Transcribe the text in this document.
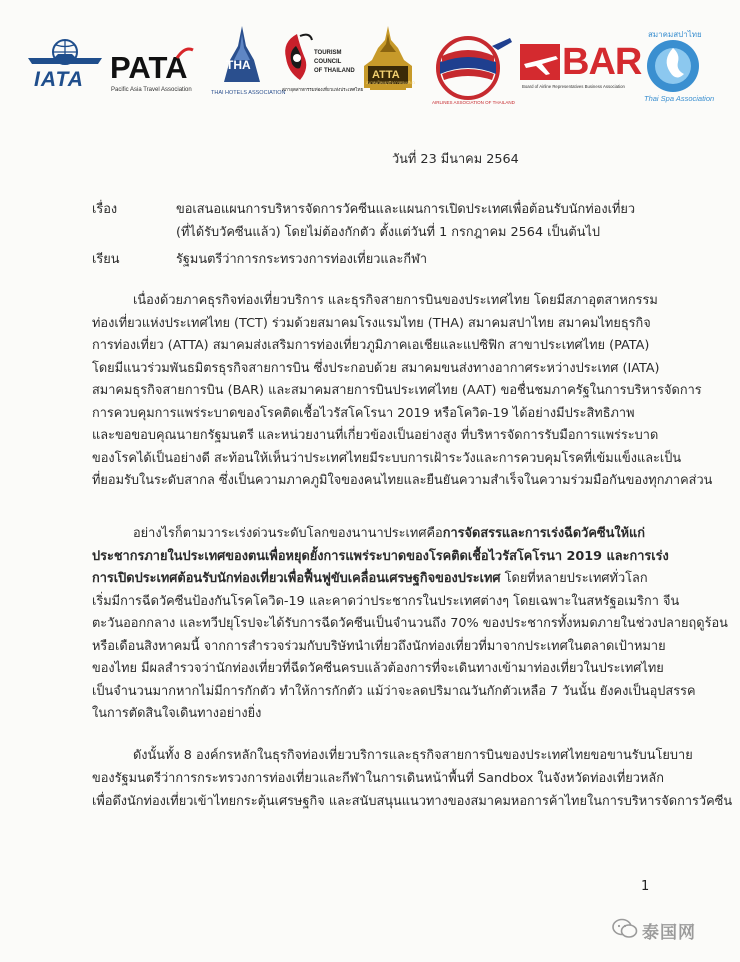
IATA PATA
Pacific Asia Travel Association
THA
THAI HOTELS ASSOCIATION
TOURISM
COUNCIL
OF THAILAND
สภาอุตสาหกรรมท่องเที่ยวแห่งประเทศไทย
ATTA
สมาคมไทยธุรกิจการท่องเที่ยว
AIRLINES ASSOCIATION OF THAILAND
BAR
Board of Airline Representatives Business Association
สมาคมสปาไทย
Thai Spa Association
วันที่ 23 มีนาคม 2564
เรื่อง	ขอเสนอแผนการบริหารจัดการวัคซีนและแผนการเปิดประเทศเพื่อต้อนรับนักท่องเที่ยว
(ที่ได้รับวัคซีนแล้ว) โดยไม่ต้องกักตัว ตั้งแต่วันที่ 1 กรกฎาคม 2564 เป็นต้นไป
เรียน	รัฐมนตรีว่าการกระทรวงการท่องเที่ยวและกีฬา
เนื่องด้วยภาคธุรกิจท่องเที่ยวบริการ และธุรกิจสายการบินของประเทศไทย โดยมีสภาอุตสาหกรรม
ท่องเที่ยวแห่งประเทศไทย (TCT) ร่วมด้วยสมาคมโรงแรมไทย (THA) สมาคมสปาไทย สมาคมไทยธุรกิจ
การท่องเที่ยว (ATTA) สมาคมส่งเสริมการท่องเที่ยวภูมิภาคเอเชียและแปซิฟิก สาขาประเทศไทย (PATA)
โดยมีแนวร่วมพันธมิตรธุรกิจสายการบิน ซึ่งประกอบด้วย สมาคมขนส่งทางอากาศระหว่างประเทศ (IATA)
สมาคมธุรกิจสายการบิน (BAR) และสมาคมสายการบินประเทศไทย (AAT) ขอชื่นชมภาครัฐในการบริหารจัดการ
การควบคุมการแพร่ระบาดของโรคติดเชื้อไวรัสโคโรนา 2019 หรือโควิด-19 ได้อย่างมีประสิทธิภาพ
และขอขอบคุณนายกรัฐมนตรี และหน่วยงานที่เกี่ยวข้องเป็นอย่างสูง ที่บริหารจัดการรับมือการแพร่ระบาด
ของโรคได้เป็นอย่างดี สะท้อนให้เห็นว่าประเทศไทยมีระบบการเฝ้าระวังและการควบคุมโรคที่เข้มแข็งและเป็น
ที่ยอมรับในระดับสากล ซึ่งเป็นความภาคภูมิใจของคนไทยและยืนยันความสำเร็จในความร่วมมือกันของทุกภาคส่วน
อย่างไรก็ตามวาระเร่งด่วนระดับโลกของนานาประเทศคือการจัดสรรและการเร่งฉีดวัคซีนให้แก่
ประชากรภายในประเทศของตนเพื่อหยุดยั้งการแพร่ระบาดของโรคติดเชื้อไวรัสโคโรนา 2019 และการเร่ง
การเปิดประเทศต้อนรับนักท่องเที่ยวเพื่อฟื้นฟูขับเคลื่อนเศรษฐกิจของประเทศ โดยที่หลายประเทศทั่วโลก
เริ่มมีการฉีดวัคซีนป้องกันโรคโควิด-19 และคาดว่าประชากรในประเทศต่างๆ โดยเฉพาะในสหรัฐอเมริกา จีน
ตะวันออกกลาง และทวีปยุโรปจะได้รับการฉีดวัคซีนเป็นจำนวนถึง 70% ของประชากรทั้งหมดภายในช่วงปลายฤดูร้อน
หรือเดือนสิงหาคมนี้ จากการสำรวจร่วมกับบริษัทนำเที่ยวถึงนักท่องเที่ยวที่มาจากประเทศในตลาดเป้าหมาย
ของไทย มีผลสำรวจว่านักท่องเที่ยวที่ฉีดวัคซีนครบแล้วต้องการที่จะเดินทางเข้ามาท่องเที่ยวในประเทศไทย
เป็นจำนวนมากหากไม่มีการกักตัว ทำให้การกักตัว แม้ว่าจะลดปริมาณวันกักตัวเหลือ 7 วันนั้น ยังคงเป็นอุปสรรค
ในการตัดสินใจเดินทางอย่างยิ่ง
ดังนั้นทั้ง 8 องค์กรหลักในธุรกิจท่องเที่ยวบริการและธุรกิจสายการบินของประเทศไทยขอขานรับนโยบาย
ของรัฐมนตรีว่าการกระทรวงการท่องเที่ยวและกีฬาในการเดินหน้าพื้นที่ Sandbox ในจังหวัดท่องเที่ยวหลัก
เพื่อดึงนักท่องเที่ยวเข้าไทยกระตุ้นเศรษฐกิจ และสนับสนุนแนวทางของสมาคมหอการค้าไทยในการบริหารจัดการวัคซีน
1
泰国网
